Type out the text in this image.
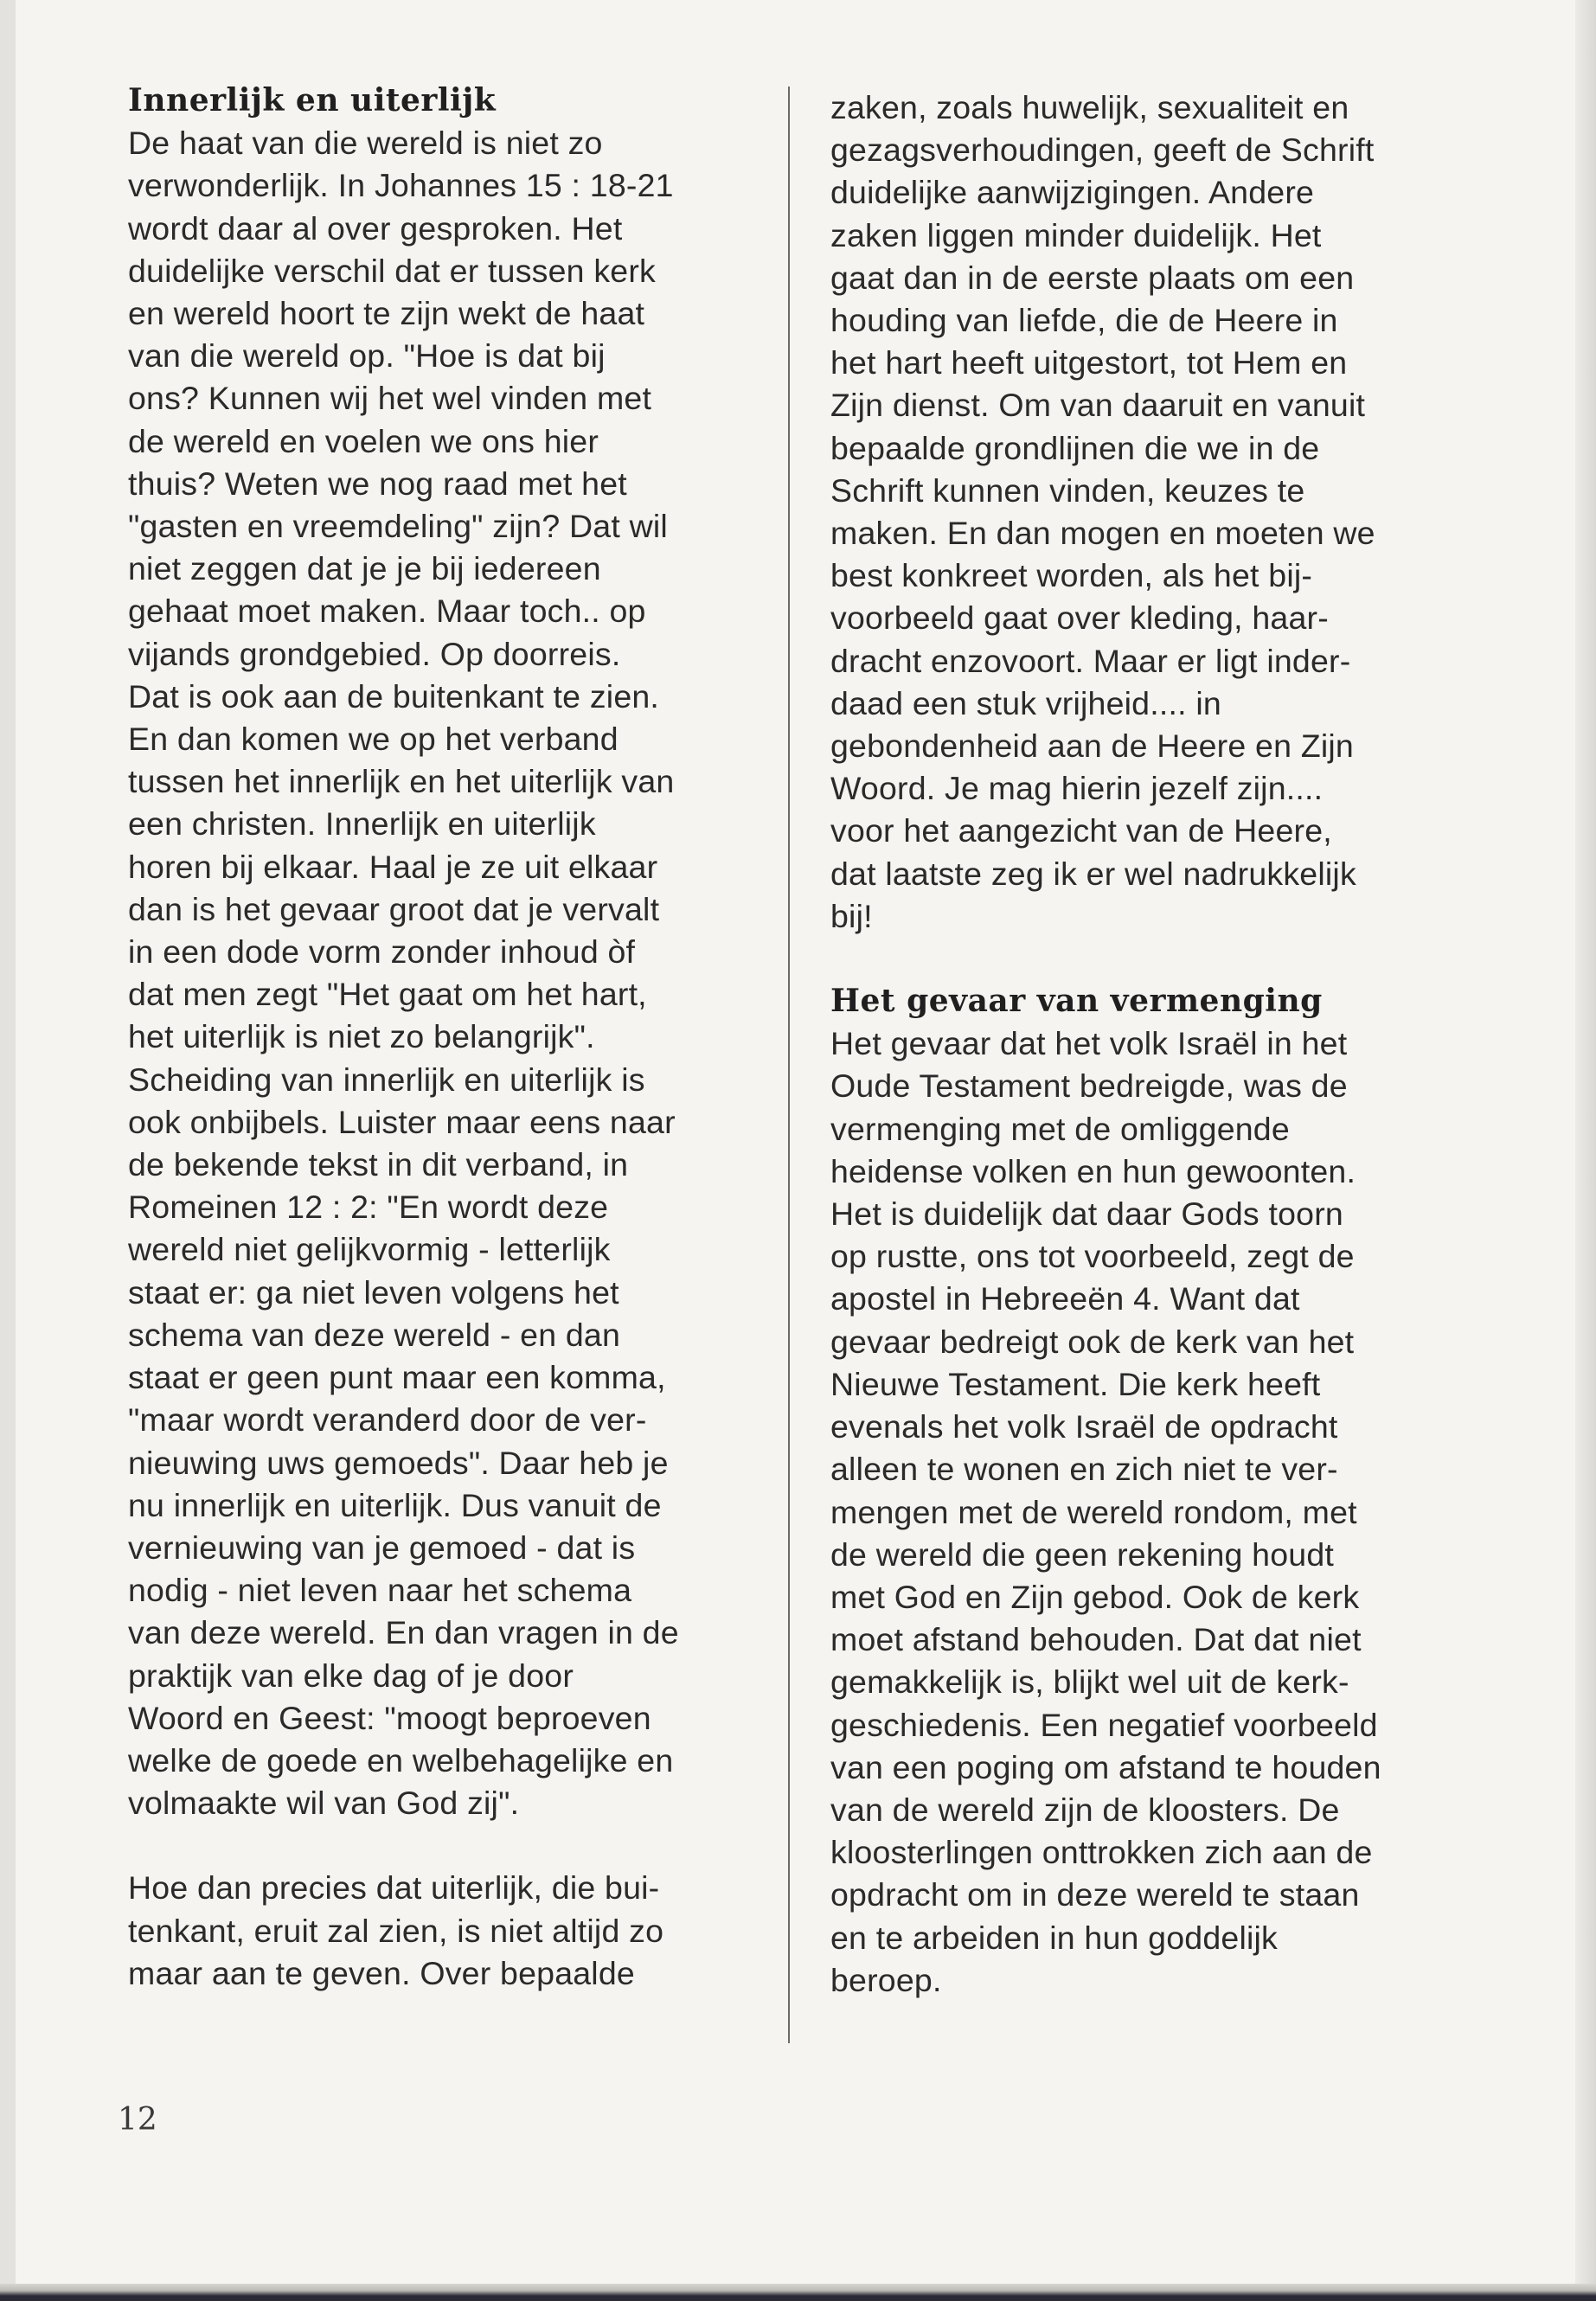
Innerlijk en uiterlijk

De haat van die wereld is niet zo

verwonderlijk. In Johannes 15 : 18-21

wordt daar al over gesproken. Het

duidelijke verschil dat er tussen kerk

en wereld hoort te zijn wekt de haat

van die wereld op. "Hoe is dat bij

ons? Kunnen wij het wel vinden met

de wereld en voelen we ons hier

thuis? Weten we nog raad met het

"gasten en vreemdeling" zijn? Dat wil

niet zeggen dat je je bij iedereen

gehaat moet maken. Maar toch.. op

vijands grondgebied. Op doorreis.

Dat is ook aan de buitenkant te zien.

En dan komen we op het verband

tussen het innerlijk en het uiterlijk van

een christen. Innerlijk en uiterlijk

horen bij elkaar. Haal je ze uit elkaar

dan is het gevaar groot dat je vervalt

in een dode vorm zonder inhoud òf

dat men zegt "Het gaat om het hart,

het uiterlijk is niet zo belangrijk".

Scheiding van innerlijk en uiterlijk is

ook onbijbels. Luister maar eens naar

de bekende tekst in dit verband, in

Romeinen 12 : 2: "En wordt deze

wereld niet gelijkvormig - letterlijk

staat er: ga niet leven volgens het

schema van deze wereld - en dan

staat er geen punt maar een komma,

"maar wordt veranderd door de ver-

nieuwing uws gemoeds". Daar heb je

nu innerlijk en uiterlijk. Dus vanuit de

vernieuwing van je gemoed - dat is

nodig - niet leven naar het schema

van deze wereld. En dan vragen in de

praktijk van elke dag of je door

Woord en Geest: "moogt beproeven

welke de goede en welbehagelijke en

volmaakte wil van God zij".

Hoe dan precies dat uiterlijk, die bui-

tenkant, eruit zal zien, is niet altijd zo

maar aan te geven. Over bepaalde

zaken, zoals huwelijk, sexualiteit en

gezagsverhoudingen, geeft de Schrift

duidelijke aanwijzigingen. Andere

zaken liggen minder duidelijk. Het

gaat dan in de eerste plaats om een

houding van liefde, die de Heere in

het hart heeft uitgestort, tot Hem en

Zijn dienst. Om van daaruit en vanuit

bepaalde grondlijnen die we in de

Schrift kunnen vinden, keuzes te

maken. En dan mogen en moeten we

best konkreet worden, als het bij-

voorbeeld gaat over kleding, haar-

dracht enzovoort. Maar er ligt inder-

daad een stuk vrijheid.... in

gebondenheid aan de Heere en Zijn

Woord. Je mag hierin jezelf zijn....

voor het aangezicht van de Heere,

dat laatste zeg ik er wel nadrukkelijk

bij!

Het gevaar van vermenging

Het gevaar dat het volk Israël in het

Oude Testament bedreigde, was de

vermenging met de omliggende

heidense volken en hun gewoonten.

Het is duidelijk dat daar Gods toorn

op rustte, ons tot voorbeeld, zegt de

apostel in Hebreeën 4. Want dat

gevaar bedreigt ook de kerk van het

Nieuwe Testament. Die kerk heeft

evenals het volk Israël de opdracht

alleen te wonen en zich niet te ver-

mengen met de wereld rondom, met

de wereld die geen rekening houdt

met God en Zijn gebod. Ook de kerk

moet afstand behouden. Dat dat niet

gemakkelijk is, blijkt wel uit de kerk-

geschiedenis. Een negatief voorbeeld

van een poging om afstand te houden

van de wereld zijn de kloosters. De

kloosterlingen onttrokken zich aan de

opdracht om in deze wereld te staan

en te arbeiden in hun goddelijk

beroep.

12
